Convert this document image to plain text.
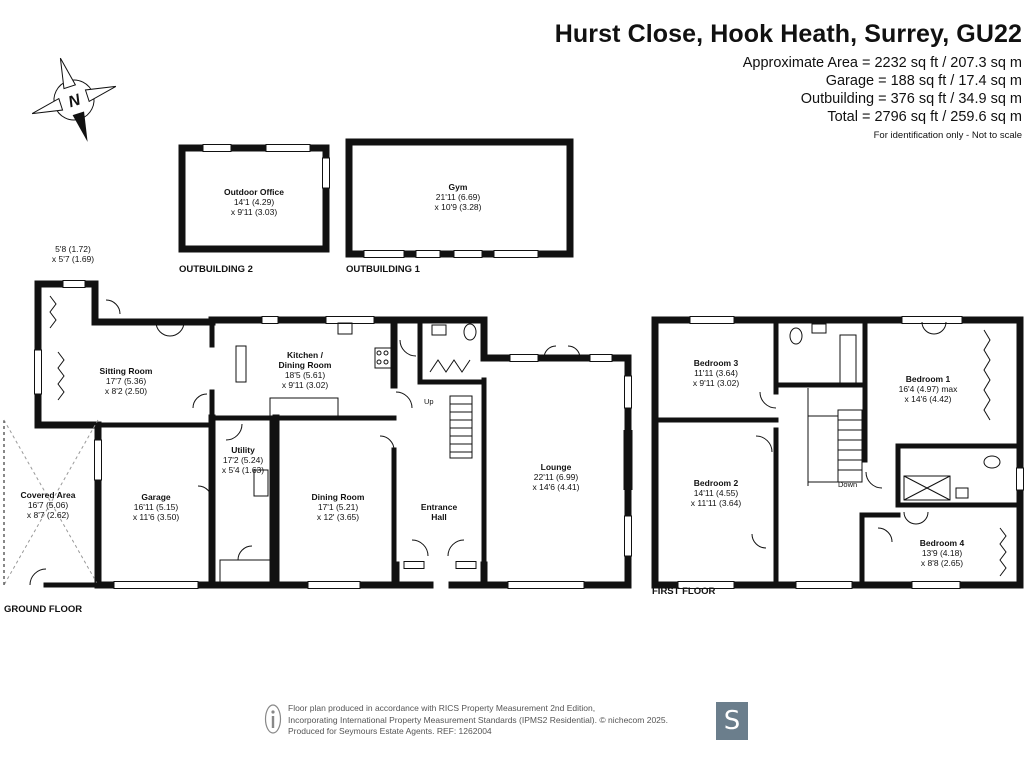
Hurst Close, Hook Heath, Surrey, GU22
Approximate Area = 2232 sq ft / 207.3 sq m
Garage = 188 sq ft / 17.4 sq m
Outbuilding = 376 sq ft / 34.9 sq m
Total = 2796 sq ft / 259.6 sq m
For identification only - Not to scale
N
Outdoor Office
14'1 (4.29)
x 9'11 (3.03)
OUTBUILDING 2
Gym
21'11 (6.69)
x 10'9 (3.28)
OUTBUILDING 1
5'8 (1.72)
x 5'7 (1.69)
Sitting Room
17'7 (5.36)
x 8'2 (2.50)
Kitchen /
Dining Room
18'5 (5.61)
x 9'11 (3.02)
Utility
17'2 (5.24)
x 5'4 (1.63)
Garage
16'11 (5.15)
x 11'6 (3.50)
Covered Area
16'7 (5.06)
x 8'7 (2.62)
Dining Room
17'1 (5.21)
x 12' (3.65)
Up
Entrance
Hall
Lounge
22'11 (6.99)
x 14'6 (4.41)
GROUND FLOOR
Bedroom 3
11'11 (3.64)
x 9'11 (3.02)
Bedroom 2
14'11 (4.55)
x 11'11 (3.64)
Down
Bedroom 1
16'4 (4.97) max
x 14'6 (4.42)
Bedroom 4
13'9 (4.18)
x 8'8 (2.65)
FIRST FLOOR
Floor plan produced in accordance with RICS Property Measurement 2nd Edition,
Incorporating International Property Measurement Standards (IPMS2 Residential). © nichecom 2025.
Produced for Seymours Estate Agents. REF: 1262004	S
